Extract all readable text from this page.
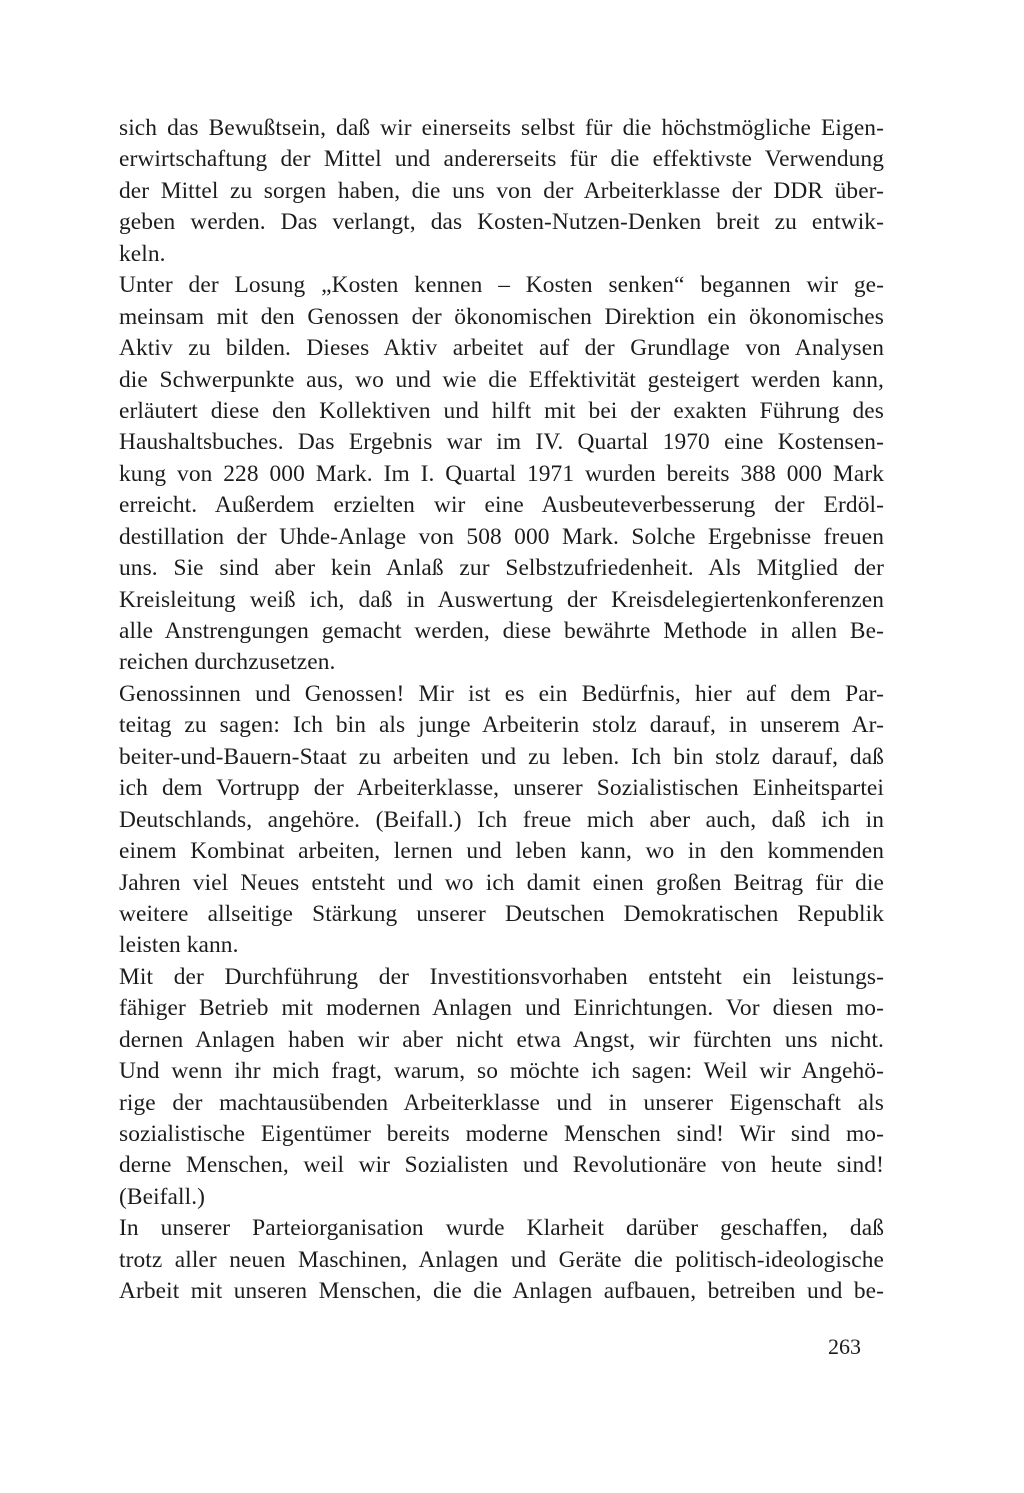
sich das Bewußtsein, daß wir einerseits selbst für die höchstmögliche Eigen-
erwirtschaftung der Mittel und andererseits für die effektivste Verwendung
der Mittel zu sorgen haben, die uns von der Arbeiterklasse der DDR über-
geben werden. Das verlangt, das Kosten-Nutzen-Denken breit zu entwik-
keln.
Unter der Losung „Kosten kennen – Kosten senken“ begannen wir ge-
meinsam mit den Genossen der ökonomischen Direktion ein ökonomisches
Aktiv zu bilden. Dieses Aktiv arbeitet auf der Grundlage von Analysen
die Schwerpunkte aus, wo und wie die Effektivität gesteigert werden kann,
erläutert diese den Kollektiven und hilft mit bei der exakten Führung des
Haushaltsbuches. Das Ergebnis war im IV. Quartal 1970 eine Kostensen-
kung von 228 000 Mark. Im I. Quartal 1971 wurden bereits 388 000 Mark
erreicht. Außerdem erzielten wir eine Ausbeuteverbesserung der Erdöl-
destillation der Uhde-Anlage von 508 000 Mark. Solche Ergebnisse freuen
uns. Sie sind aber kein Anlaß zur Selbstzufriedenheit. Als Mitglied der
Kreisleitung weiß ich, daß in Auswertung der Kreisdelegiertenkonferenzen
alle Anstrengungen gemacht werden, diese bewährte Methode in allen Be-
reichen durchzusetzen.
Genossinnen und Genossen! Mir ist es ein Bedürfnis, hier auf dem Par-
teitag zu sagen: Ich bin als junge Arbeiterin stolz darauf, in unserem Ar-
beiter-und-Bauern-Staat zu arbeiten und zu leben. Ich bin stolz darauf, daß
ich dem Vortrupp der Arbeiterklasse, unserer Sozialistischen Einheitspartei
Deutschlands, angehöre. (Beifall.) Ich freue mich aber auch, daß ich in
einem Kombinat arbeiten, lernen und leben kann, wo in den kommenden
Jahren viel Neues entsteht und wo ich damit einen großen Beitrag für die
weitere allseitige Stärkung unserer Deutschen Demokratischen Republik
leisten kann.
Mit der Durchführung der Investitionsvorhaben entsteht ein leistungs-
fähiger Betrieb mit modernen Anlagen und Einrichtungen. Vor diesen mo-
dernen Anlagen haben wir aber nicht etwa Angst, wir fürchten uns nicht.
Und wenn ihr mich fragt, warum, so möchte ich sagen: Weil wir Angehö-
rige der machtausübenden Arbeiterklasse und in unserer Eigenschaft als
sozialistische Eigentümer bereits moderne Menschen sind! Wir sind mo-
derne Menschen, weil wir Sozialisten und Revolutionäre von heute sind!
(Beifall.)
In unserer Parteiorganisation wurde Klarheit darüber geschaffen, daß
trotz aller neuen Maschinen, Anlagen und Geräte die politisch-ideologische
Arbeit mit unseren Menschen, die die Anlagen aufbauen, betreiben und be-
263
